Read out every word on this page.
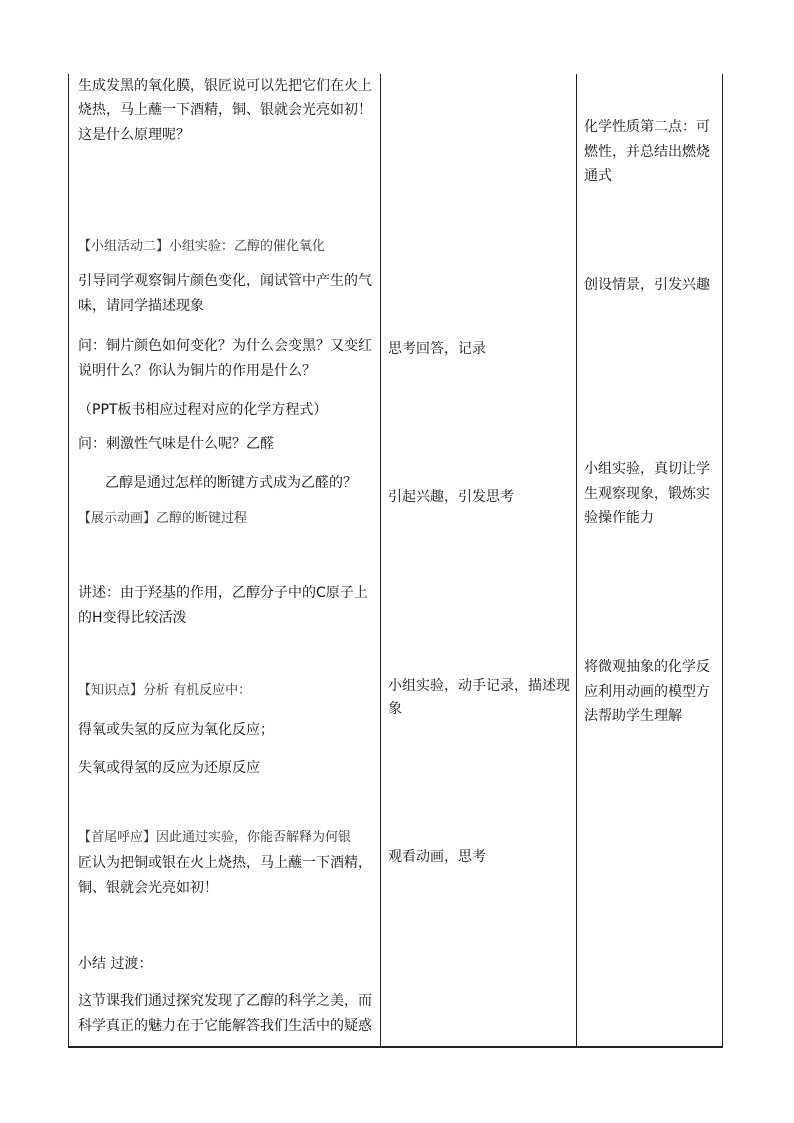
生成发黑的氧化膜，银匠说可以先把它们在火上
烧热，马上蘸一下酒精，铜、银就会光亮如初！
这是什么原理呢？
【小组活动二】小组实验：乙醇的催化氧化
引导同学观察铜片颜色变化，闻试管中产生的气
味，请同学描述现象
问：铜片颜色如何变化？为什么会变黑？又变红
说明什么？你认为铜片的作用是什么？
（PPT板书相应过程对应的化学方程式）
问：刺激性气味是什么呢？乙醛
乙醇是通过怎样的断键方式成为乙醛的？
【展示动画】乙醇的断键过程
讲述：由于羟基的作用，乙醇分子中的C原子上
的H变得比较活泼
【知识点】分析 有机反应中：
得氧或失氢的反应为氧化反应；
失氧或得氢的反应为还原反应
【首尾呼应】因此通过实验，你能否解释为何银
匠认为把铜或银在火上烧热，马上蘸一下酒精，
铜、银就会光亮如初！
小结 过渡：
这节课我们通过探究发现了乙醇的科学之美，而
科学真正的魅力在于它能解答我们生活中的疑惑
思考回答，记录
引起兴趣，引发思考
小组实验，动手记录，描述现
象
观看动画，思考
化学性质第二点：可
燃性，并总结出燃烧
通式
创设情景，引发兴趣
小组实验，真切让学
生观察现象，锻炼实
验操作能力
将微观抽象的化学反
应利用动画的模型方
法帮助学生理解
